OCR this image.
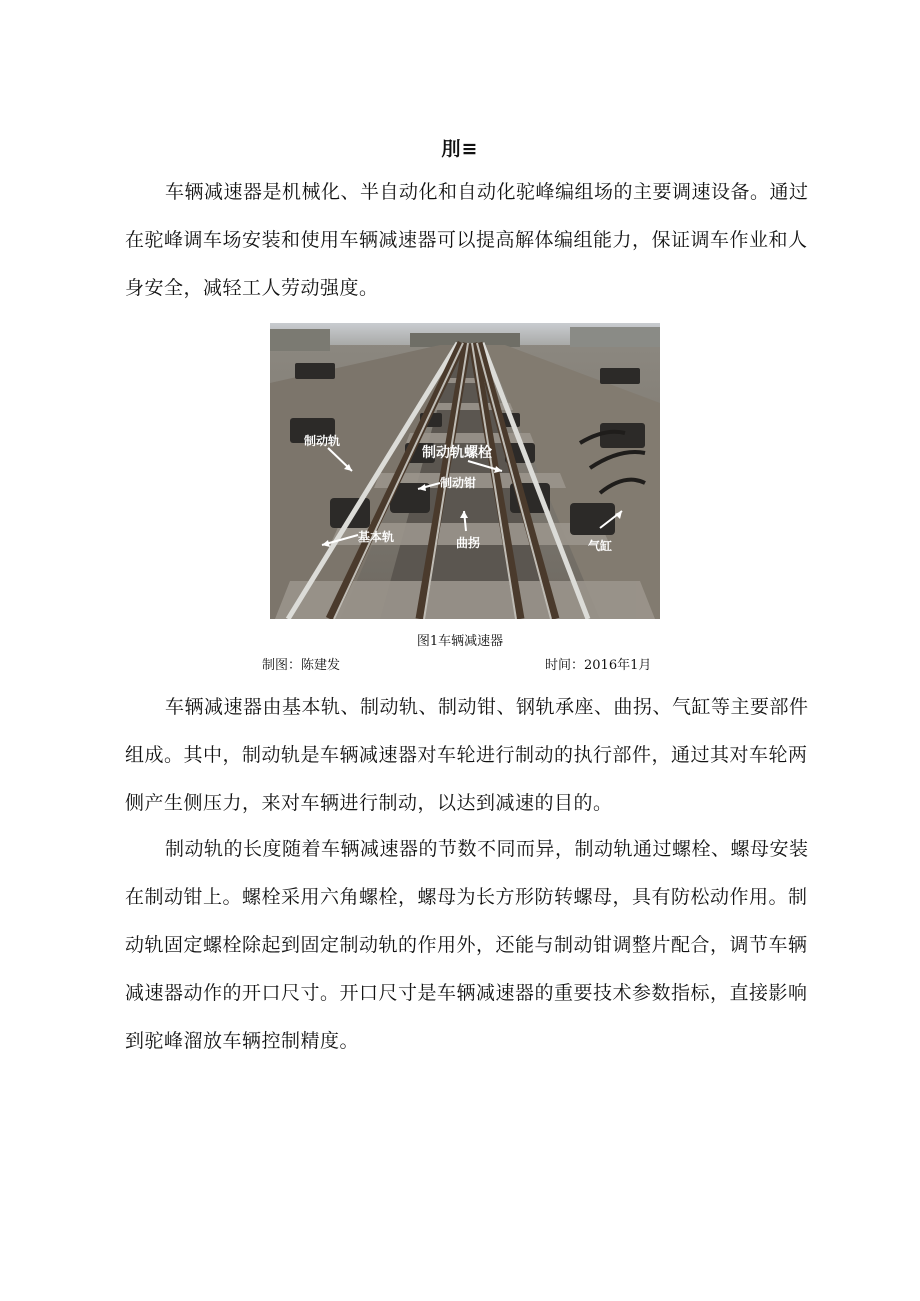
刖≡

车辆减速器是机械化、半自动化和自动化驼峰编组场的主要调速设备。通过在驼峰调车场安装和使用车辆减速器可以提高解体编组能力，保证调车作业和人身安全，减轻工人劳动强度。

制动轨
制动轨螺栓
制动钳
基本轨	曲拐	气缸
图1车辆减速器
制图：陈建发	时间：2016年1月

车辆减速器由基本轨、制动轨、制动钳、钢轨承座、曲拐、气缸等主要部件组成。其中，制动轨是车辆减速器对车轮进行制动的执行部件，通过其对车轮两侧产生侧压力，来对车辆进行制动，以达到减速的目的。

制动轨的长度随着车辆减速器的节数不同而异，制动轨通过螺栓、螺母安装在制动钳上。螺栓采用六角螺栓，螺母为长方形防转螺母，具有防松动作用。制动轨固定螺栓除起到固定制动轨的作用外，还能与制动钳调整片配合，调节车辆减速器动作的开口尺寸。开口尺寸是车辆减速器的重要技术参数指标，直接影响到驼峰溜放车辆控制精度。
